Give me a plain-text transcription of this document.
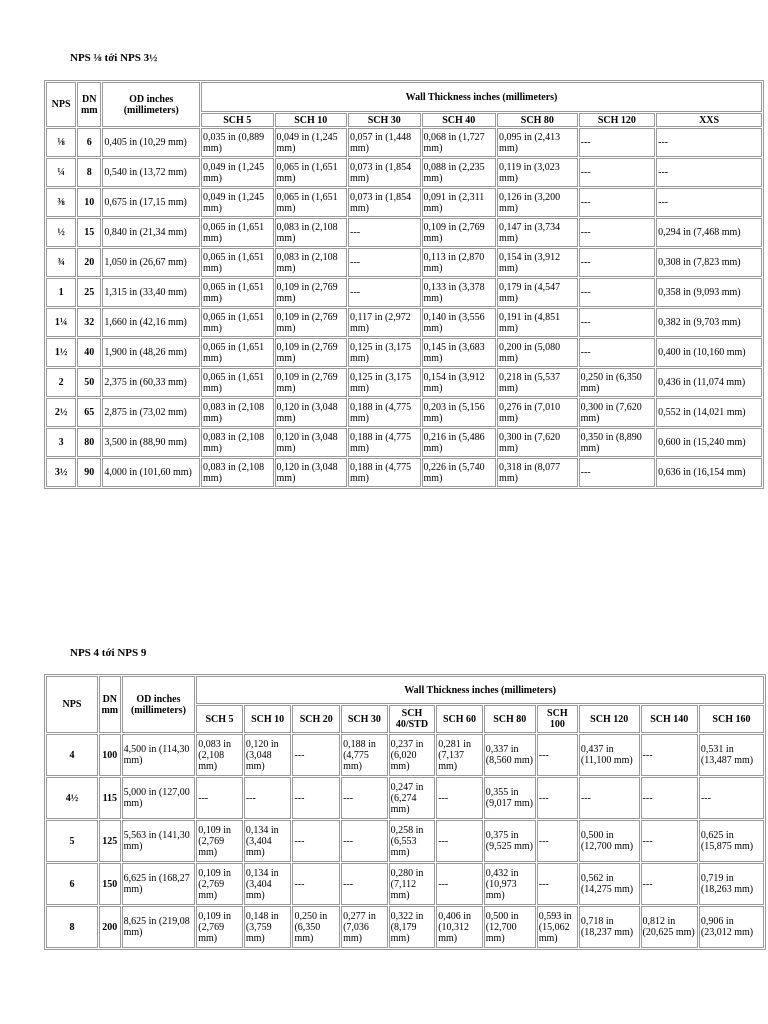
NPS ⅛ tới NPS 3½
NPS	DN mm	OD inches (millimeters)	Wall Thickness inches (millimeters)						
			SCH 5	SCH 10	SCH 30	SCH 40	SCH 80	SCH 120	XXS
⅛	6	0,405 in (10,29 mm)	0,035 in (0,889 mm)	0,049 in (1,245 mm)	0,057 in (1,448 mm)	0,068 in (1,727 mm)	0,095 in (2,413 mm)	---	---
¼	8	0,540 in (13,72 mm)	0,049 in (1,245 mm)	0,065 in (1,651 mm)	0,073 in (1,854 mm)	0,088 in (2,235 mm)	0,119 in (3,023 mm)	---	---
⅜	10	0,675 in (17,15 mm)	0,049 in (1,245 mm)	0,065 in (1,651 mm)	0,073 in (1,854 mm)	0,091 in (2,311 mm)	0,126 in (3,200 mm)	---	---
½	15	0,840 in (21,34 mm)	0,065 in (1,651 mm)	0,083 in (2,108 mm)	---	0,109 in (2,769 mm)	0,147 in (3,734 mm)	---	0,294 in (7,468 mm)
¾	20	1,050 in (26,67 mm)	0,065 in (1,651 mm)	0,083 in (2,108 mm)	---	0,113 in (2,870 mm)	0,154 in (3,912 mm)	---	0,308 in (7,823 mm)
1	25	1,315 in (33,40 mm)	0,065 in (1,651 mm)	0,109 in (2,769 mm)	---	0,133 in (3,378 mm)	0,179 in (4,547 mm)	---	0,358 in (9,093 mm)
1¼	32	1,660 in (42,16 mm)	0,065 in (1,651 mm)	0,109 in (2,769 mm)	0,117 in (2,972 mm)	0,140 in (3,556 mm)	0,191 in (4,851 mm)	---	0,382 in (9,703 mm)
1½	40	1,900 in (48,26 mm)	0,065 in (1,651 mm)	0,109 in (2,769 mm)	0,125 in (3,175 mm)	0,145 in (3,683 mm)	0,200 in (5,080 mm)	---	0,400 in (10,160 mm)
2	50	2,375 in (60,33 mm)	0,065 in (1,651 mm)	0,109 in (2,769 mm)	0,125 in (3,175 mm)	0,154 in (3,912 mm)	0,218 in (5,537 mm)	0,250 in (6,350 mm)	0,436 in (11,074 mm)
2½	65	2,875 in (73,02 mm)	0,083 in (2,108 mm)	0,120 in (3,048 mm)	0,188 in (4,775 mm)	0,203 in (5,156 mm)	0,276 in (7,010 mm)	0,300 in (7,620 mm)	0,552 in (14,021 mm)
3	80	3,500 in (88,90 mm)	0,083 in (2,108 mm)	0,120 in (3,048 mm)	0,188 in (4,775 mm)	0,216 in (5,486 mm)	0,300 in (7,620 mm)	0,350 in (8,890 mm)	0,600 in (15,240 mm)
3½	90	4,000 in (101,60 mm)	0,083 in (2,108 mm)	0,120 in (3,048 mm)	0,188 in (4,775 mm)	0,226 in (5,740 mm)	0,318 in (8,077 mm)	---	0,636 in (16,154 mm)
NPS 4 tới NPS 9
NPS	DN mm	OD inches (millimeters)	Wall Thickness inches (millimeters)										
			SCH 5	SCH 10	SCH 20	SCH 30	SCH 40/STD	SCH 60	SCH 80	SCH 100	SCH 120	SCH 140	SCH 160
4	100	4,500 in (114,30 mm)	0,083 in (2,108 mm)	0,120 in (3,048 mm)	---	0,188 in (4,775 mm)	0,237 in (6,020 mm)	0,281 in (7,137 mm)	0,337 in (8,560 mm)	---	0,437 in (11,100 mm)	---	0,531 in (13,487 mm)
4½	115	5,000 in (127,00 mm)	---	---	---	---	0,247 in (6,274 mm)	---	0,355 in (9,017 mm)	---	---	---	---
5	125	5,563 in (141,30 mm)	0,109 in (2,769 mm)	0,134 in (3,404 mm)	---	---	0,258 in (6,553 mm)	---	0,375 in (9,525 mm)	---	0,500 in (12,700 mm)	---	0,625 in (15,875 mm)
6	150	6,625 in (168,27 mm)	0,109 in (2,769 mm)	0,134 in (3,404 mm)	---	---	0,280 in (7,112 mm)	---	0,432 in (10,973 mm)	---	0,562 in (14,275 mm)	---	0,719 in (18,263 mm)
8	200	8,625 in (219,08 mm)	0,109 in (2,769 mm)	0,148 in (3,759 mm)	0,250 in (6,350 mm)	0,277 in (7,036 mm)	0,322 in (8,179 mm)	0,406 in (10,312 mm)	0,500 in (12,700 mm)	0,593 in (15,062 mm)	0,718 in (18,237 mm)	0,812 in (20,625 mm)	0,906 in (23,012 mm)
